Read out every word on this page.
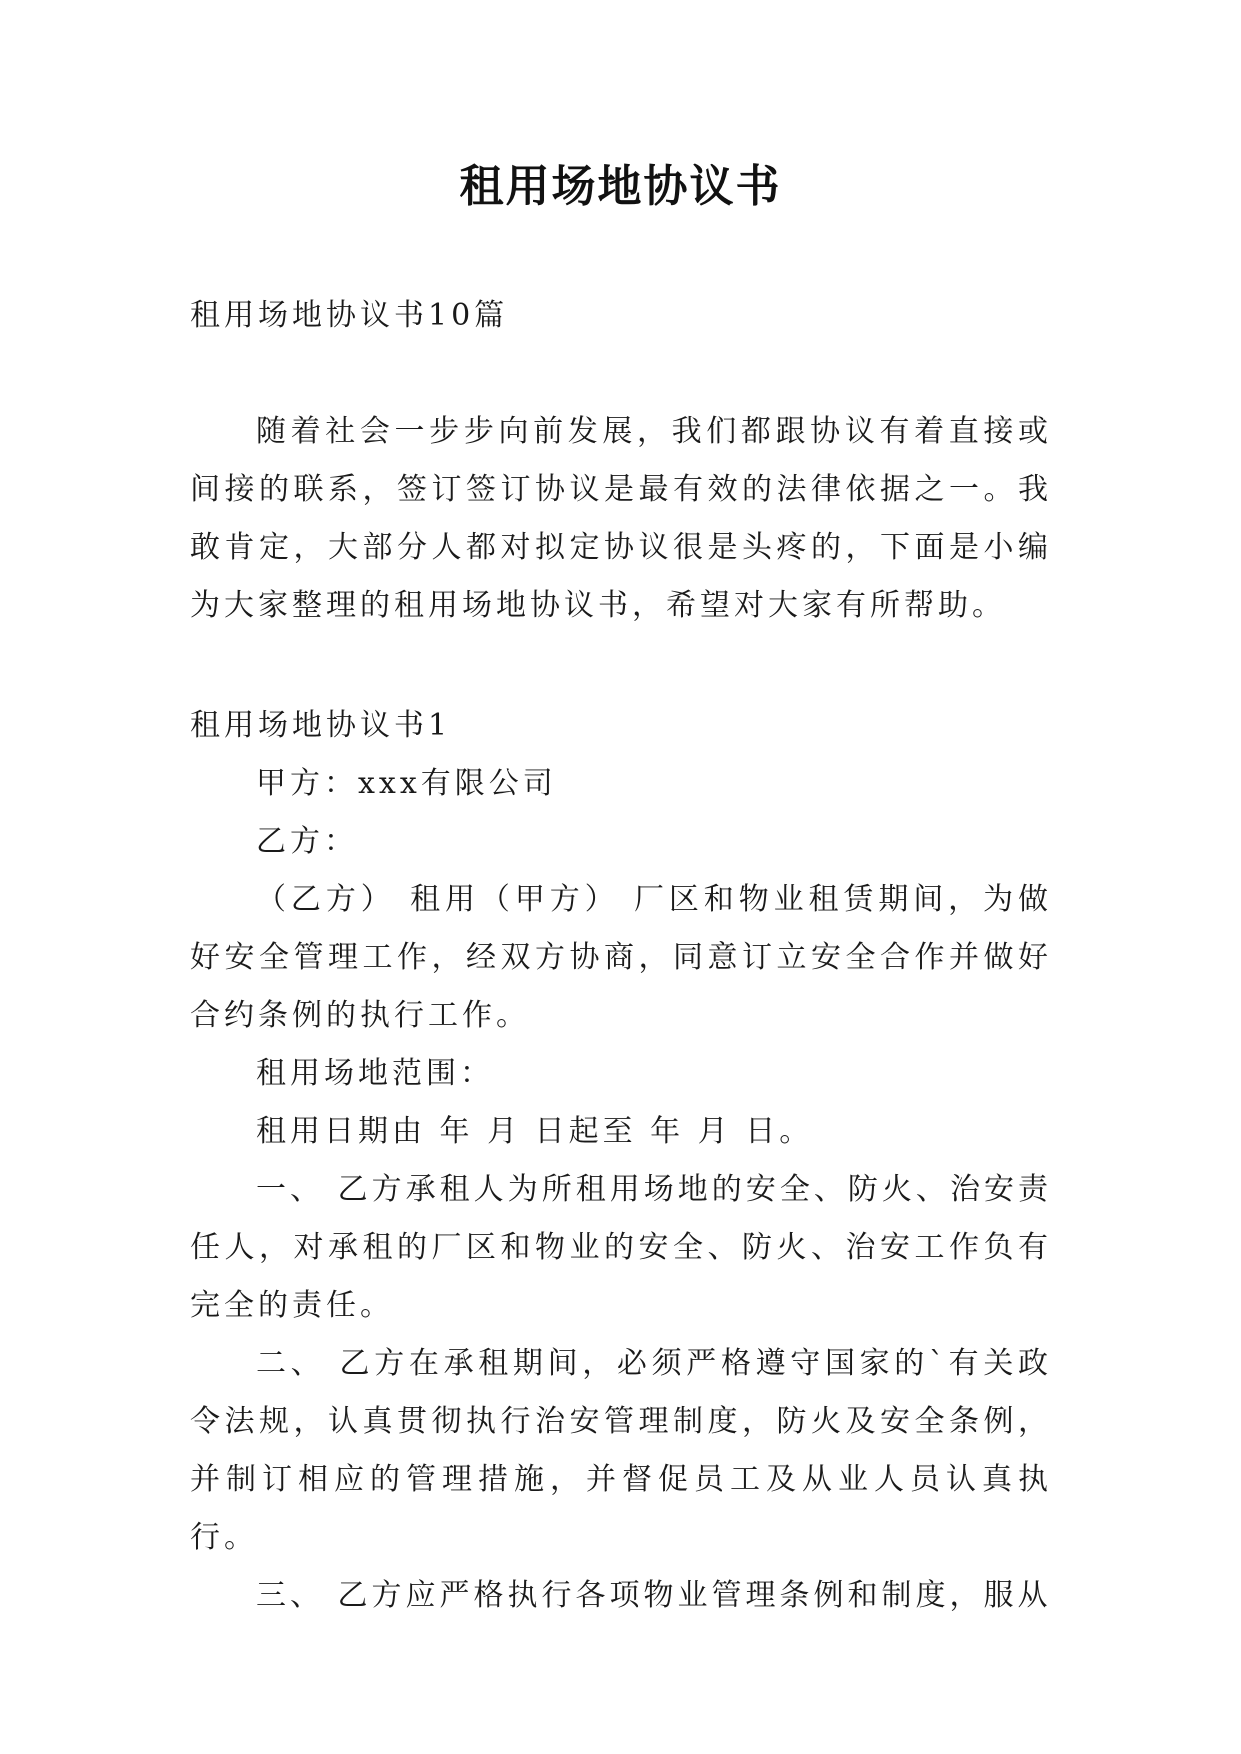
租用场地协议书
租用场地协议书10篇
随着社会一步步向前发展，我们都跟协议有着直接或间接的联系，签订签订协议是最有效的法律依据之一。我敢肯定，大部分人都对拟定协议很是头疼的，下面是小编为大家整理的租用场地协议书，希望对大家有所帮助。

租用场地协议书1

甲方：xxx有限公司

乙方：

（乙方） 租用（甲方） 厂区和物业租赁期间，为做好安全管理工作，经双方协商，同意订立安全合作并做好合约条例的执行工作。

租用场地范围：

租用日期由 年 月 日起至 年 月 日。

一、 乙方承租人为所租用场地的安全、防火、治安责任人，对承租的厂区和物业的安全、防火、治安工作负有完全的责任。

二、 乙方在承租期间，必须严格遵守国家的`有关政令法规，认真贯彻执行治安管理制度，防火及安全条例，并制订相应的管理措施，并督促员工及从业人员认真执行。

三、 乙方应严格执行各项物业管理条例和制度，服从
